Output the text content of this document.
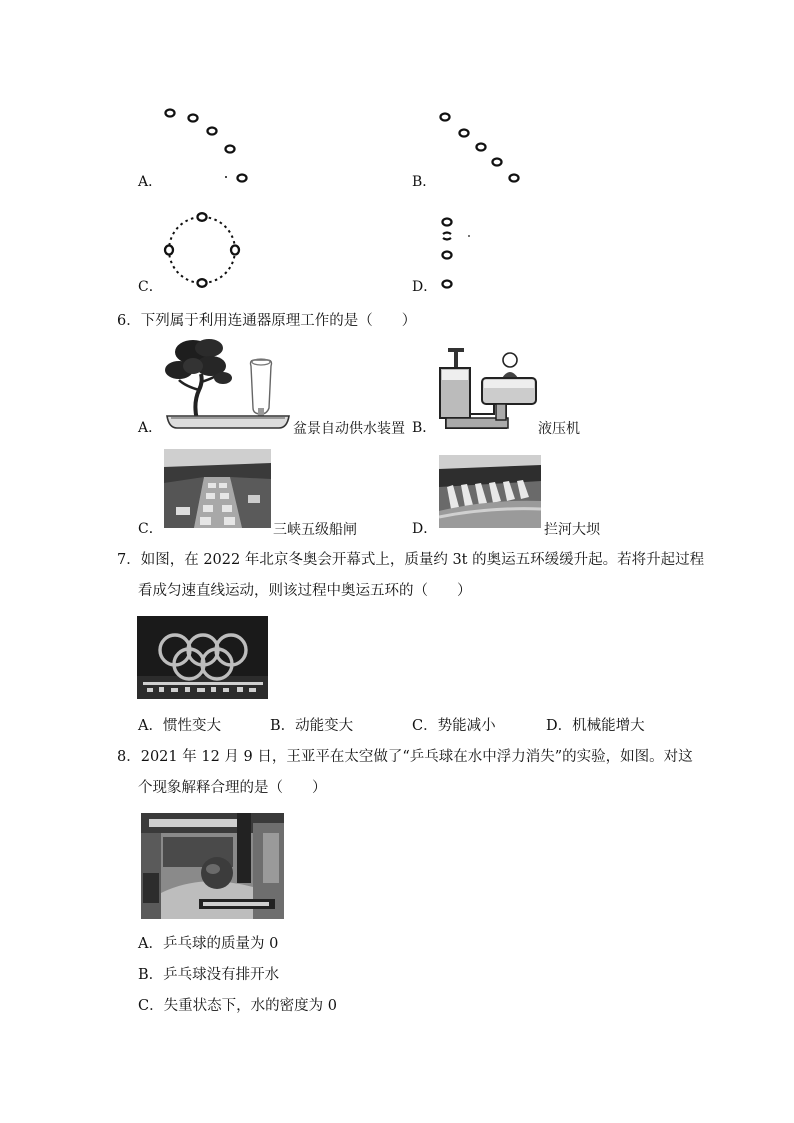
A．	B．
C．	D．
6．下列属于利用连通器原理工作的是（　　）
A．	盆景自动供水装置 B．	液压机
C．	三峡五级船闸	D．	拦河大坝
7．如图，在 2022 年北京冬奥会开幕式上，质量约 3t 的奥运五环缓缓升起。若将升起过程
看成匀速直线运动，则该过程中奥运五环的（　　）
A．惯性变大	B．动能变大	C．势能减小	D．机械能增大
8．2021 年 12 月 9 日，王亚平在太空做了“乒乓球在水中浮力消失”的实验，如图。对这
个现象解释合理的是（　　）
A．乒乓球的质量为 0
B．乒乓球没有排开水
C．失重状态下，水的密度为 0
